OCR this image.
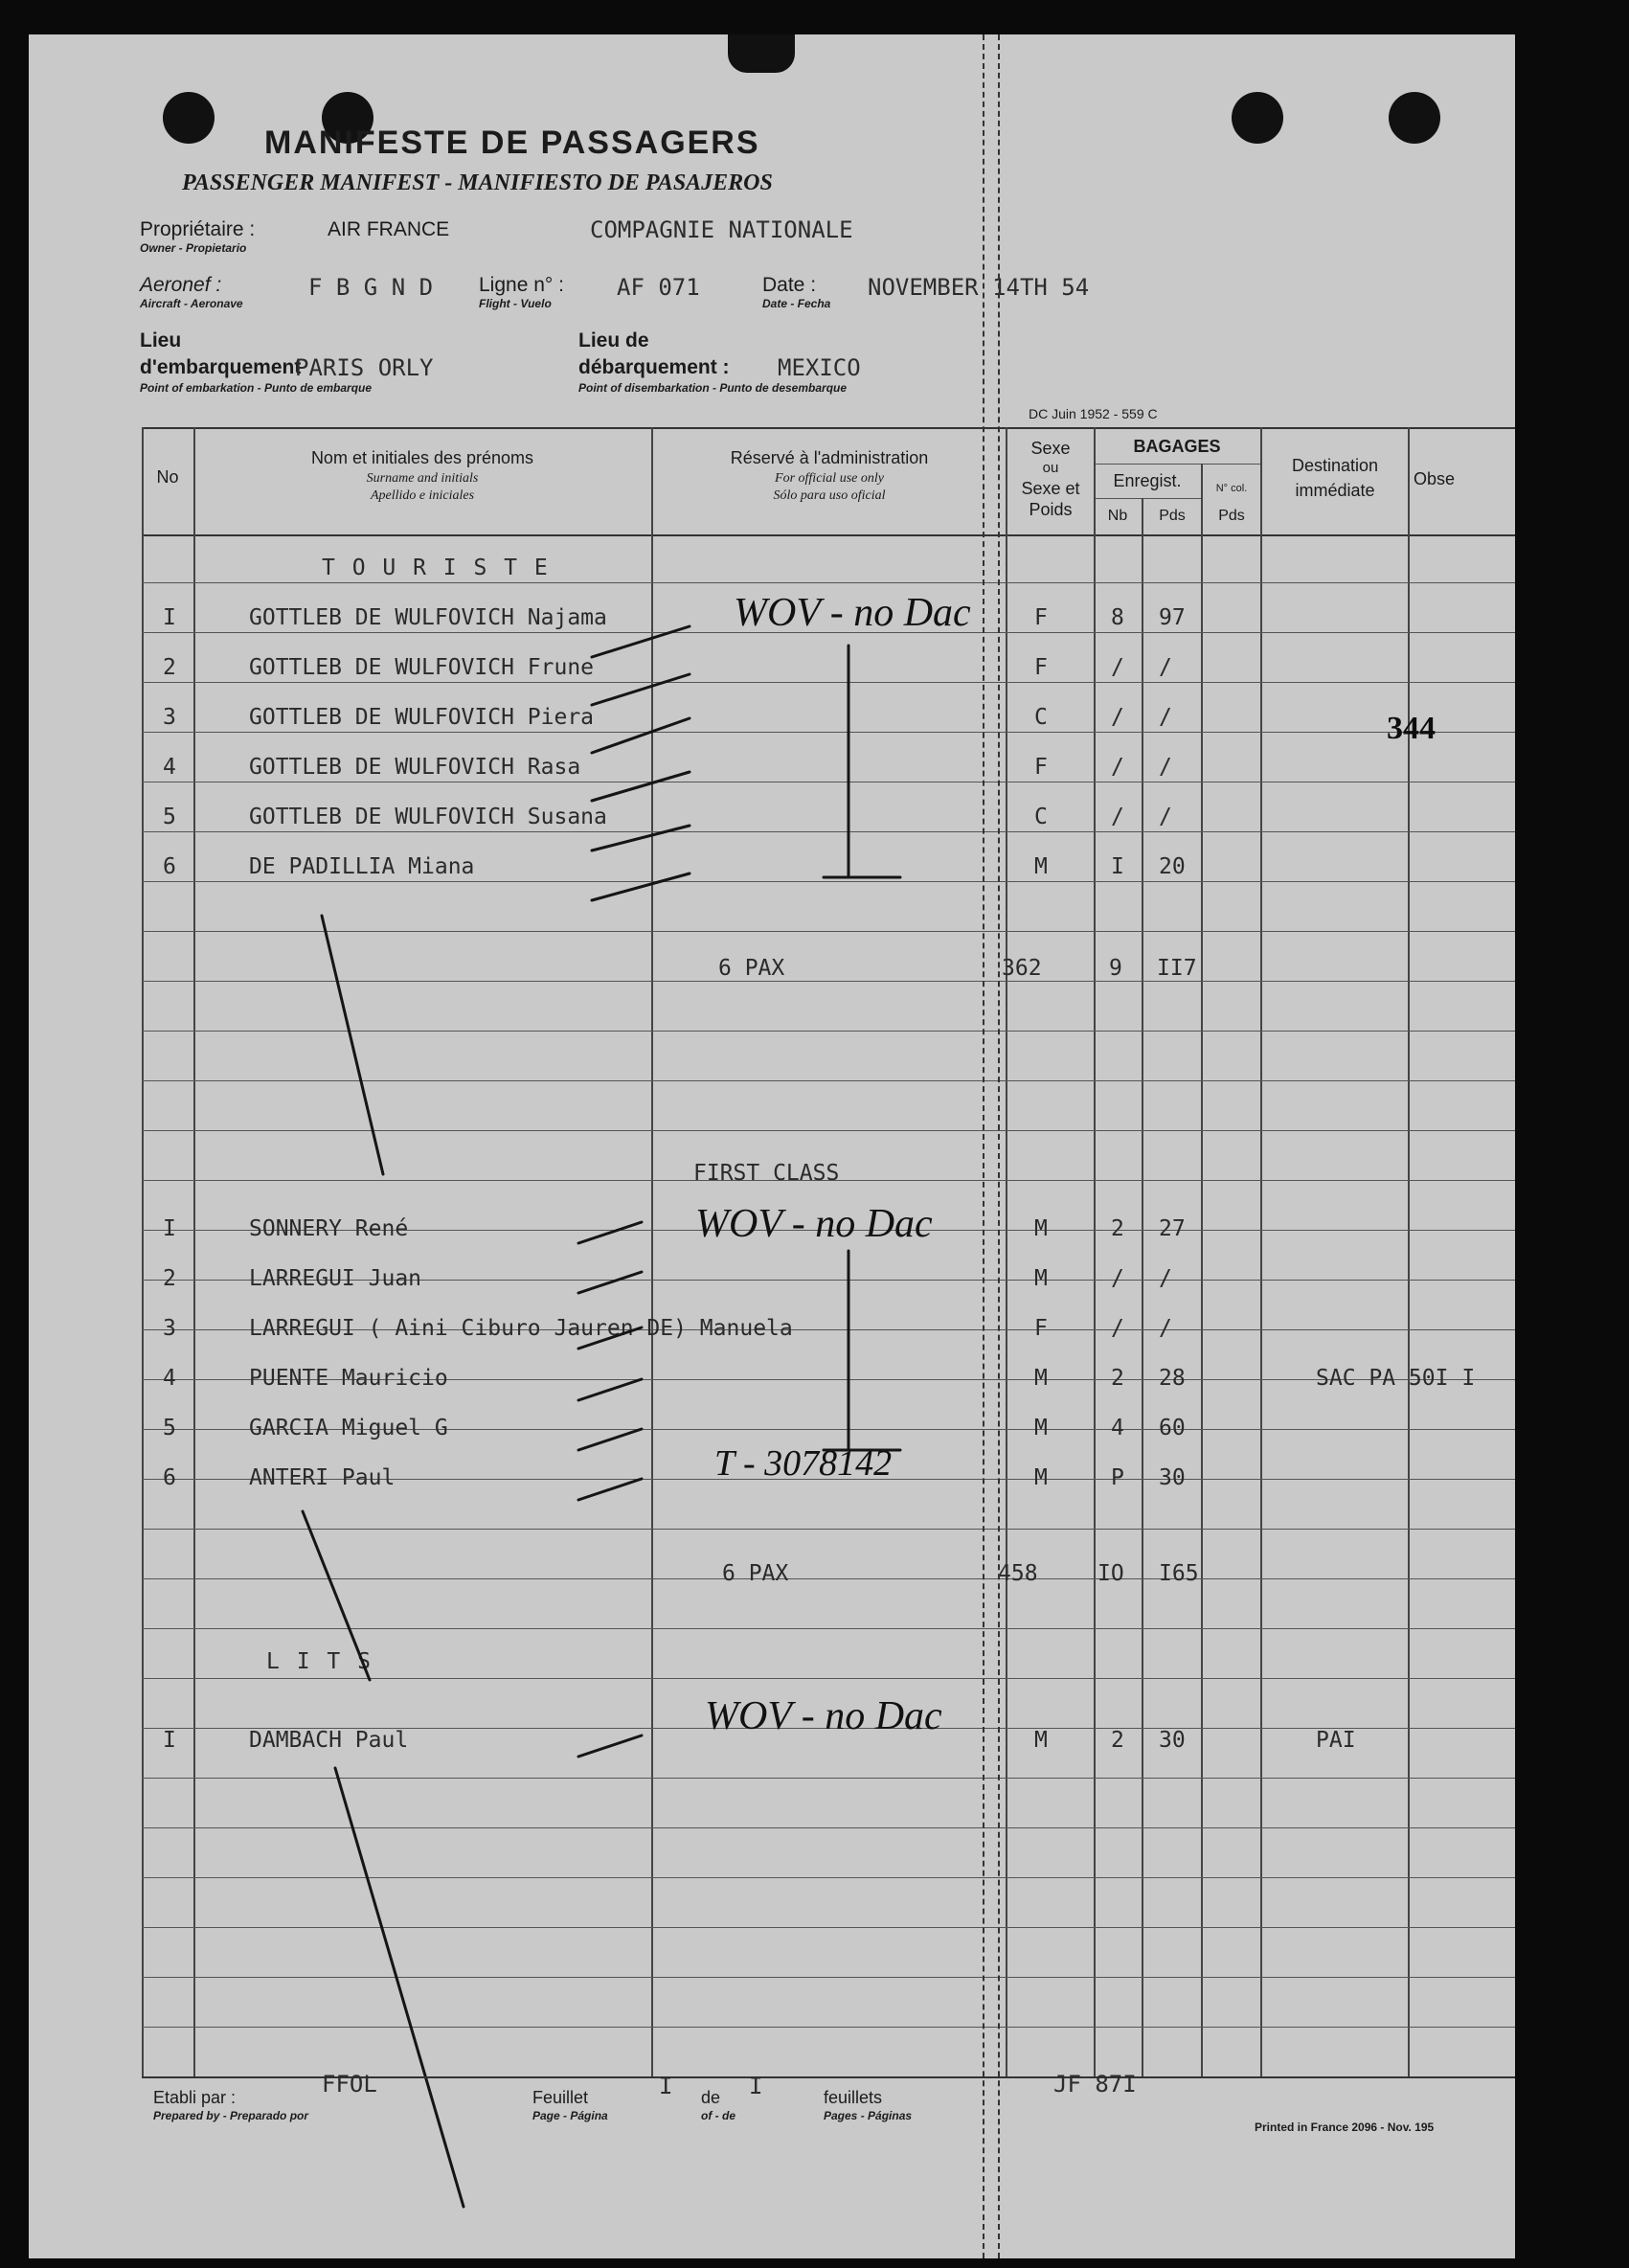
MANIFESTE DE PASSAGERS
PASSENGER MANIFEST - MANIFIESTO DE PASAJEROS
Propriétaire :
Owner - Propietario
AIR FRANCE	COMPAGNIE NATIONALE
Aeronef :
Aircraft - Aeronave
F B G N D Ligne n° :
Flight - Vuelo
AF 071	Date :
Date - Fecha
NOVEMBER 14TH 54
Lieu
d'embarquement
PARIS ORLY
Point of embarkation - Punto de embarque
Lieu de
débarquement : MEXICO
Point of disembarkation - Punto de desembarque
DC Juin 1952 - 559 C
No
Nom et initiales des prénoms
Surname and initials
Apellido e iniciales
Réservé à l'administration
For official use only
Sólo para uso oficial
Sexe
ou
Sexe et
Poids
BAGAGES
Enregist.
Nb	Pds
N° col.
Pds
Destination
immédiate
Obse
T O U R I S T E
I	GOTTLEB DE WULFOVICH Najama	F	8 97
2	GOTTLEB DE WULFOVICH Frune	F	/ /
3	GOTTLEB DE WULFOVICH Piera	C	/ /
4	GOTTLEB DE WULFOVICH Rasa	F	/ /
5	GOTTLEB DE WULFOVICH Susana	C	/ /
6	DE PADILLIA Miana	M	I 20
6 PAX	362	9 II7
WOV - no Dac
FIRST CLASS
I	SONNERY René	M	2 27
2	LARREGUI Juan	M	/ /
3	LARREGUI ( Aini Ciburo Jauren DE) Manuela	F	/ /
4	PUENTE Mauricio	M	2 28	SAC PA 50I I
5	GARCIA Miguel G	M	4 60
6	ANTERI Paul	M	P 30
6 PAX	458	IO I65
WOV - no Dac
T - 3078142
L I T S
I	DAMBACH Paul	M	2 30	PAI
WOV - no Dac
344
Etabli par :
Prepared by - Preparado por
FFOL	Feuillet
Page - Página
I de
of - de
I	feuillets
Pages - Páginas
JF 87I
Printed in France 2096 - Nov. 195
